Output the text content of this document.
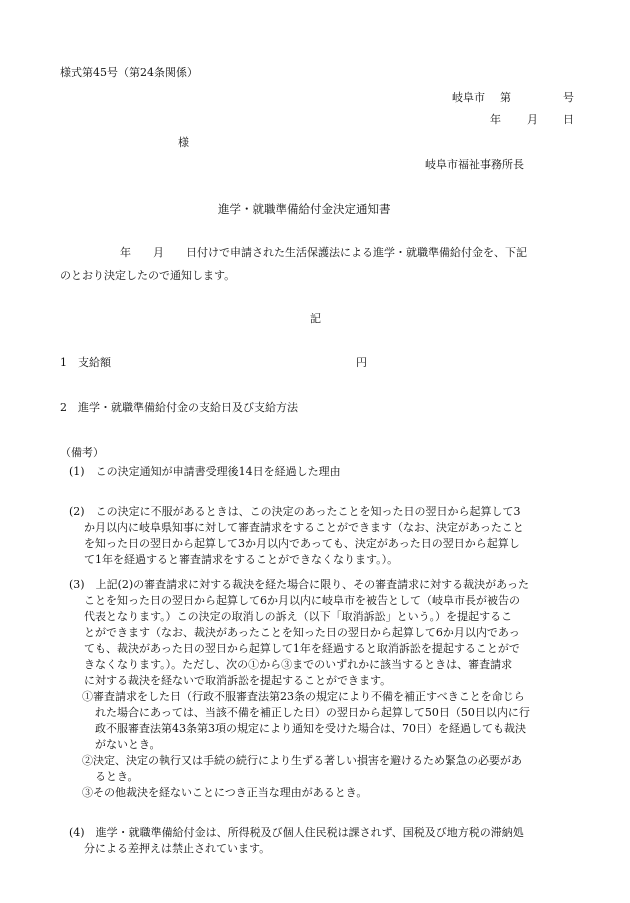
様式第45号（第24条関係）
岐阜市 第	号
年 月 日
様
岐阜市福祉事務所長
進学・就職準備給付金決定通知書
年　　月　　日付けで申請された生活保護法による進学・就職準備給付金を、下記
のとおり決定したので通知します。
記
1　支給額	円
2　進学・就職準備給付金の支給日及び支給方法
（備考）
(1)　この決定通知が申請書受理後14日を経過した理由
(2)　この決定に不服があるときは、この決定のあったことを知った日の翌日から起算して3
か月以内に岐阜県知事に対して審査請求をすることができます（なお、決定があったこと
を知った日の翌日から起算して3か月以内であっても、決定があった日の翌日から起算し
て1年を経過すると審査請求をすることができなくなります。）。
(3)　上記(2)の審査請求に対する裁決を経た場合に限り、その審査請求に対する裁決があった
ことを知った日の翌日から起算して6か月以内に岐阜市を被告として（岐阜市長が被告の
代表となります。）この決定の取消しの訴え（以下「取消訴訟」という。）を提起するこ
とができます（なお、裁決があったことを知った日の翌日から起算して6か月以内であっ
ても、裁決があった日の翌日から起算して1年を経過すると取消訴訟を提起することがで
きなくなります。）。ただし、次の①から③までのいずれかに該当するときは、審査請求
に対する裁決を経ないで取消訴訟を提起することができます。
①審査請求をした日（行政不服審査法第23条の規定により不備を補正すべきことを命じら
れた場合にあっては、当該不備を補正した日）の翌日から起算して50日（50日以内に行
政不服審査法第43条第3項の規定により通知を受けた場合は、70日）を経過しても裁決
がないとき。
②決定、決定の執行又は手続の続行により生ずる著しい損害を避けるため緊急の必要があ
るとき。
③その他裁決を経ないことにつき正当な理由があるとき。
(4)　進学・就職準備給付金は、所得税及び個人住民税は課されず、国税及び地方税の滞納処
分による差押えは禁止されています。
